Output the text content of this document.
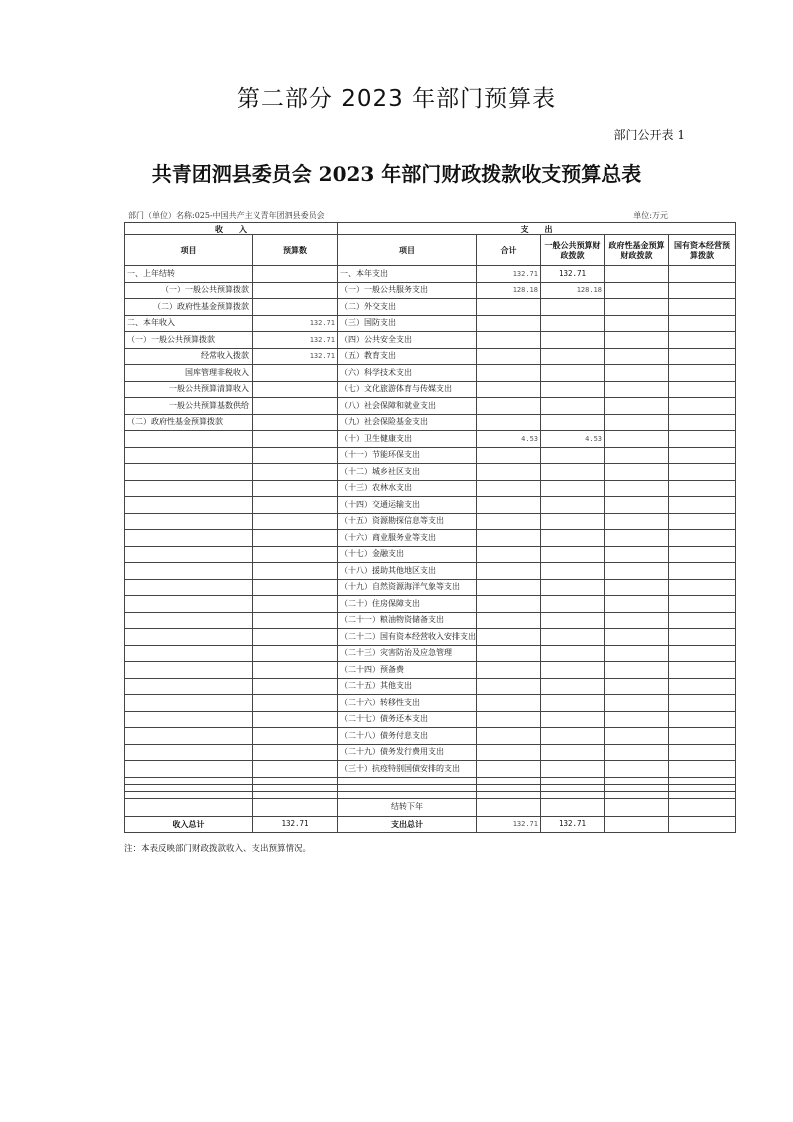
第二部分 2023 年部门预算表
部门公开表 1
共青团泗县委员会 2023 年部门财政拨款收支预算总表
部门（单位）名称:025-中国共产主义青年团泗县委员会	单位:万元
收　　入		支　　出				
项目	预算数	项目	合计	一般公共预算财政拨款	政府性基金预算财政拨款	国有资本经营预算拨款
一、上年结转		一、本年支出	132.71	132.71		
（一）一般公共预算拨款		（一）一般公共服务支出	128.18	128.18		
（二）政府性基金预算拨款		（二）外交支出				
二、本年收入	132.71	（三）国防支出				
（一）一般公共预算拨款	132.71	（四）公共安全支出				
经常收入拨款	132.71	（五）教育支出				
国库管理非税收入		（六）科学技术支出				
一般公共预算清算收入		（七）文化旅游体育与传媒支出				
一般公共预算基数供给		（八）社会保障和就业支出				
（二）政府性基金预算拨款		（九）社会保险基金支出				
		（十）卫生健康支出	4.53	4.53		
		（十一）节能环保支出				
		（十二）城乡社区支出				
		（十三）农林水支出				
		（十四）交通运输支出				
		（十五）资源勘探信息等支出				
		（十六）商业服务业等支出				
		（十七）金融支出				
		（十八）援助其他地区支出				
		（十九）自然资源海洋气象等支出				
		（二十）住房保障支出				
		（二十一）粮油物资储备支出				
		（二十二）国有资本经营收入安排支出				
		（二十三）灾害防治及应急管理				
		（二十四）预备费				
		（二十五）其他支出				
		（二十六）转移性支出				
		（二十七）债务还本支出				
		（二十八）债务付息支出				
		（二十九）债务发行费用支出				
		（三十）抗疫特别国债安排的支出				

		结转下年				
收入总计	132.71	支出总计	132.71	132.71		
注：本表反映部门财政拨款收入、支出预算情况。
